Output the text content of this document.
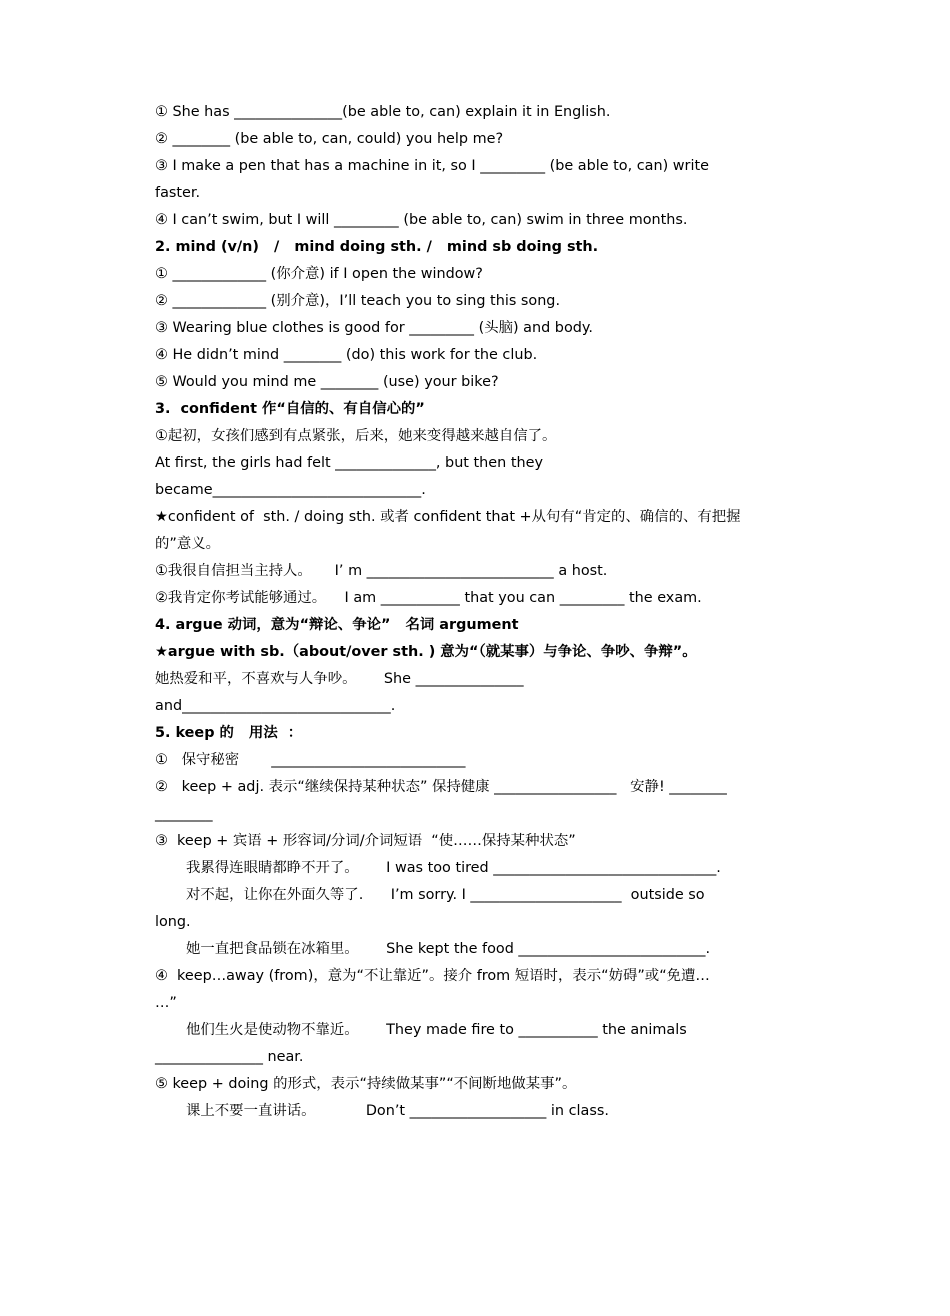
① She has _______________(be able to, can) explain it in English.
② ________ (be able to, can, could) you help me?
③ I make a pen that has a machine in it, so I _________ (be able to, can) write
faster.
④ I can’t swim, but I will _________ (be able to, can) swim in three months.
2. mind (v/n)   /   mind doing sth. /   mind sb doing sth.
① _____________ (你介意) if I open the window?
② _____________ (别介意)，I’ll teach you to sing this song.
③ Wearing blue clothes is good for _________ (头脑) and body.
④ He didn’t mind ________ (do) this work for the club.
⑤ Would you mind me ________ (use) your bike?
3.  confident 作“自信的、有自信心的”
①起初，女孩们感到有点紧张，后来，她来变得越来越自信了。
At first, the girls had felt ______________, but then they
became_____________________________.
★confident of  sth. / doing sth. 或者 confident that +从句有“肯定的、确信的、有把握
的”意义。
①我很自信担当主持人。     I’ m __________________________ a host.
②我肯定你考试能够通过。    I am ___________ that you can _________ the exam.
4. argue 动词，意为“辩论、争论”   名词 argument
★argue with sb.（about/over sth. ) 意为“（就某事）与争论、争吵、争辩”。
她热爱和平，不喜欢与人争吵。      She _______________
and_____________________________.
5. keep 的   用法  ：
①   保守秘密       ___________________________
②   keep + adj. 表示“继续保持某种状态” 保持健康 _________________   安静! ________
________
③  keep + 宾语 + 形容词/分词/介词短语  “使……保持某种状态”
我累得连眼睛都睁不开了。      I was too tired _______________________________.
对不起，让你在外面久等了.      I’m sorry. I _____________________  outside so
long.
她一直把食品锁在冰箱里。      She kept the food __________________________.
④  keep…away (from)，意为“不让靠近”。接介 from 短语时，表示“妨碍”或“免遭…
…”
他们生火是使动物不靠近。      They made fire to ___________ the animals
_______________ near.
⑤ keep + doing 的形式，表示“持续做某事”“不间断地做某事”。
课上不要一直讲话。           Don’t ___________________ in class.
